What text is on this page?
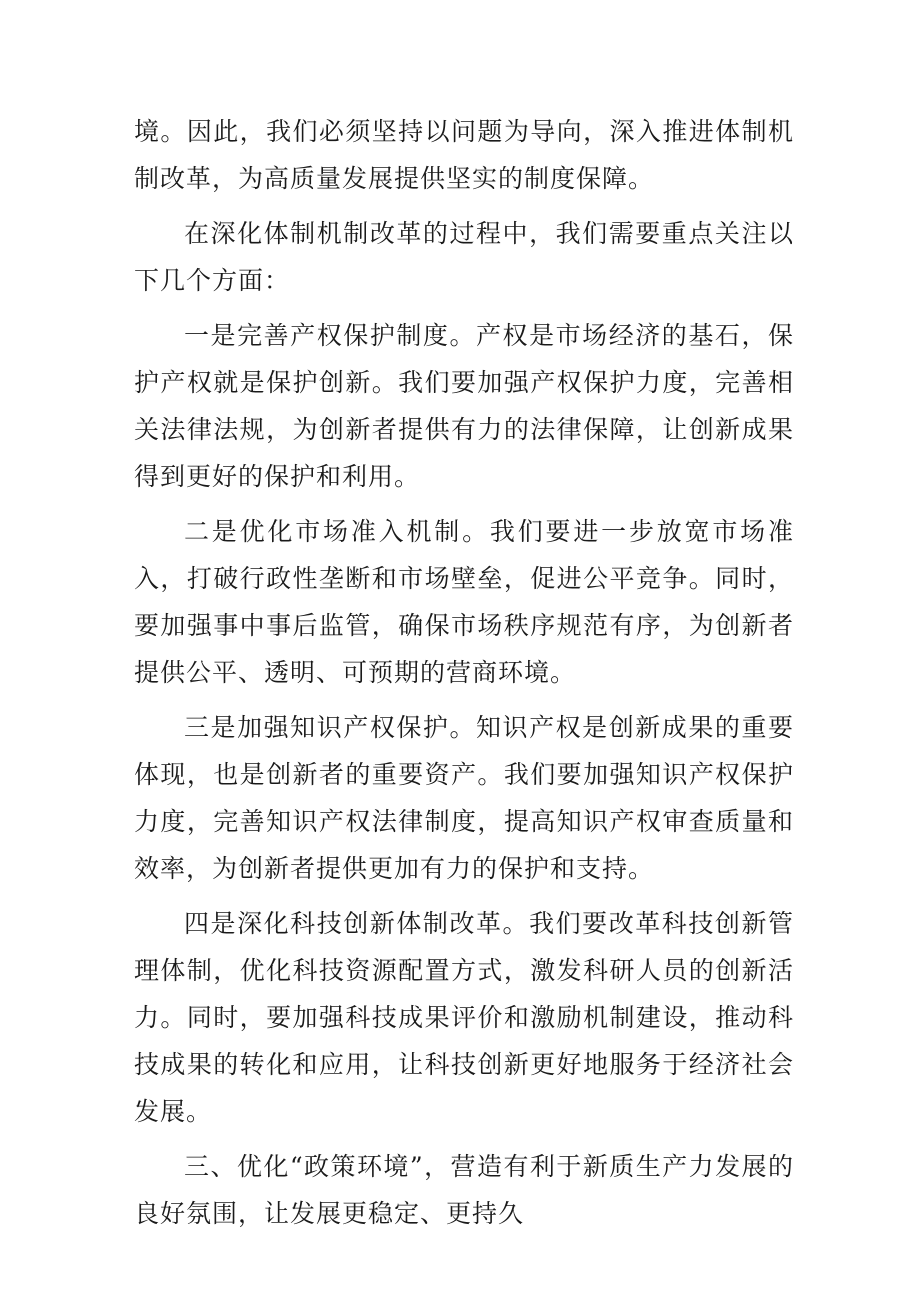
境。因此，我们必须坚持以问题为导向，深入推进体制机制改革，为高质量发展提供坚实的制度保障。

在深化体制机制改革的过程中，我们需要重点关注以下几个方面：

一是完善产权保护制度。产权是市场经济的基石，保护产权就是保护创新。我们要加强产权保护力度，完善相关法律法规，为创新者提供有力的法律保障，让创新成果得到更好的保护和利用。

二是优化市场准入机制。我们要进一步放宽市场准入，打破行政性垄断和市场壁垒，促进公平竞争。同时，要加强事中事后监管，确保市场秩序规范有序，为创新者提供公平、透明、可预期的营商环境。

三是加强知识产权保护。知识产权是创新成果的重要体现，也是创新者的重要资产。我们要加强知识产权保护力度，完善知识产权法律制度，提高知识产权审查质量和效率，为创新者提供更加有力的保护和支持。

四是深化科技创新体制改革。我们要改革科技创新管理体制，优化科技资源配置方式，激发科研人员的创新活力。同时，要加强科技成果评价和激励机制建设，推动科技成果的转化和应用，让科技创新更好地服务于经济社会发展。

三、优化“政策环境”，营造有利于新质生产力发展的良好氛围，让发展更稳定、更持久
